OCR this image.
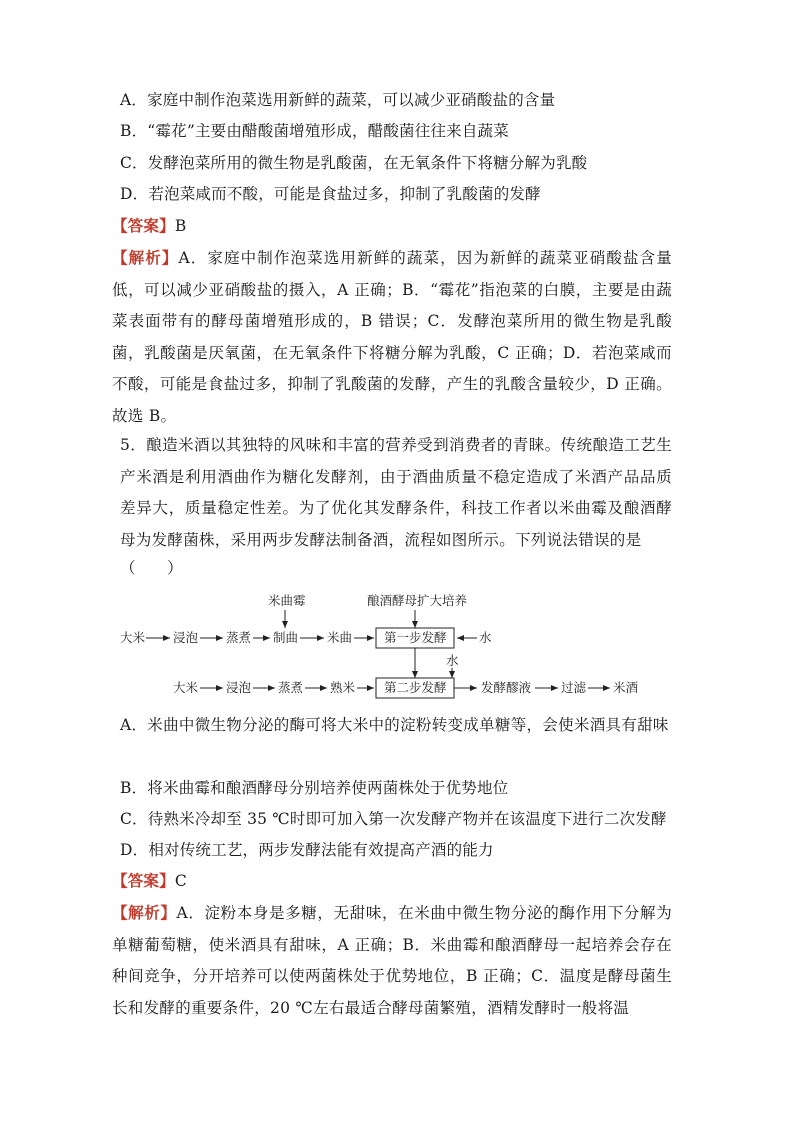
A．家庭中制作泡菜选用新鲜的蔬菜，可以减少亚硝酸盐的含量
B．“霉花”主要由醋酸菌增殖形成，醋酸菌往往来自蔬菜
C．发酵泡菜所用的微生物是乳酸菌，在无氧条件下将糖分解为乳酸
D．若泡菜咸而不酸，可能是食盐过多，抑制了乳酸菌的发酵
【答案】B
【解析】A．家庭中制作泡菜选用新鲜的蔬菜，因为新鲜的蔬菜亚硝酸盐含量低，可以减少亚硝酸盐的摄入，A 正确；B．“霉花”指泡菜的白膜，主要是由蔬菜表面带有的酵母菌增殖形成的，B 错误；C．发酵泡菜所用的微生物是乳酸菌，乳酸菌是厌氧菌，在无氧条件下将糖分解为乳酸，C 正确；D．若泡菜咸而不酸，可能是食盐过多，抑制了乳酸菌的发酵，产生的乳酸含量较少，D 正确。故选 B。
5．酿造米酒以其独特的风味和丰富的营养受到消费者的青睐。传统酿造工艺生产米酒是利用酒曲作为糖化发酵剂，由于酒曲质量不稳定造成了米酒产品品质差异大，质量稳定性差。为了优化其发酵条件，科技工作者以米曲霉及酿酒酵母为发酵菌株，采用两步发酵法制备酒，流程如图所示。下列说法错误的是
（　　）
米曲霉	酿酒酵母扩大培养
大米 浸泡 蒸煮 制曲 米曲	第一步发酵	水
水
大米 浸泡 蒸煮 熟米 第二步发酵	发酵醪液 过滤 米酒
A．米曲中微生物分泌的酶可将大米中的淀粉转变成单糖等，会使米酒具有甜味
B．将米曲霉和酿酒酵母分别培养使两菌株处于优势地位
C．待熟米冷却至 35 ℃时即可加入第一次发酵产物并在该温度下进行二次发酵
D．相对传统工艺，两步发酵法能有效提高产酒的能力
【答案】C
【解析】A．淀粉本身是多糖，无甜味，在米曲中微生物分泌的酶作用下分解为单糖葡萄糖，使米酒具有甜味，A 正确；B．米曲霉和酿酒酵母一起培养会存在种间竞争，分开培养可以使两菌株处于优势地位，B 正确；C．温度是酵母菌生长和发酵的重要条件，20 ℃左右最适合酵母菌繁殖，酒精发酵时一般将温
